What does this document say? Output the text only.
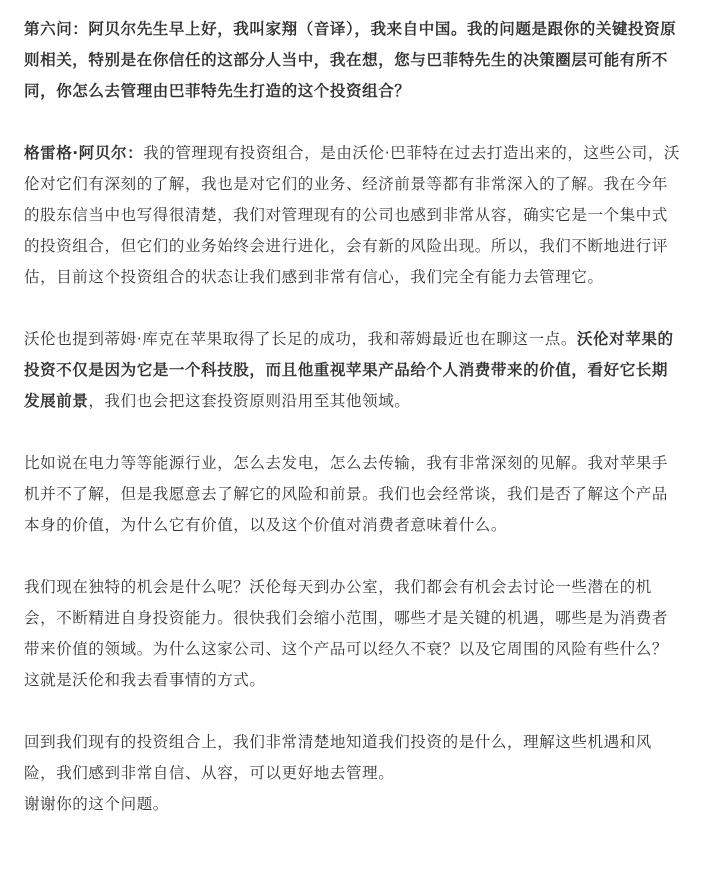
第六问：阿贝尔先生早上好，我叫家翔（音译），我来自中国。我的问题是跟你的关键投资原则相关，特别是在你信任的这部分人当中，我在想，您与巴菲特先生的决策圈层可能有所不同，你怎么去管理由巴菲特先生打造的这个投资组合？

格雷格·阿贝尔：我的管理现有投资组合，是由沃伦·巴菲特在过去打造出来的，这些公司，沃伦对它们有深刻的了解，我也是对它们的业务、经济前景等都有非常深入的了解。我在今年的股东信当中也写得很清楚，我们对管理现有的公司也感到非常从容，确实它是一个集中式的投资组合，但它们的业务始终会进行进化，会有新的风险出现。所以，我们不断地进行评估，目前这个投资组合的状态让我们感到非常有信心，我们完全有能力去管理它。

沃伦也提到蒂姆·库克在苹果取得了长足的成功，我和蒂姆最近也在聊这一点。沃伦对苹果的投资不仅是因为它是一个科技股，而且他重视苹果产品给个人消费带来的价值，看好它长期发展前景，我们也会把这套投资原则沿用至其他领域。

比如说在电力等等能源行业，怎么去发电，怎么去传输，我有非常深刻的见解。我对苹果手机并不了解，但是我愿意去了解它的风险和前景。我们也会经常谈，我们是否了解这个产品本身的价值，为什么它有价值，以及这个价值对消费者意味着什么。

我们现在独特的机会是什么呢？沃伦每天到办公室，我们都会有机会去讨论一些潜在的机会，不断精进自身投资能力。很快我们会缩小范围，哪些才是关键的机遇，哪些是为消费者带来价值的领域。为什么这家公司、这个产品可以经久不衰？以及它周围的风险有些什么？这就是沃伦和我去看事情的方式。

回到我们现有的投资组合上，我们非常清楚地知道我们投资的是什么，理解这些机遇和风险，我们感到非常自信、从容，可以更好地去管理。

谢谢你的这个问题。
